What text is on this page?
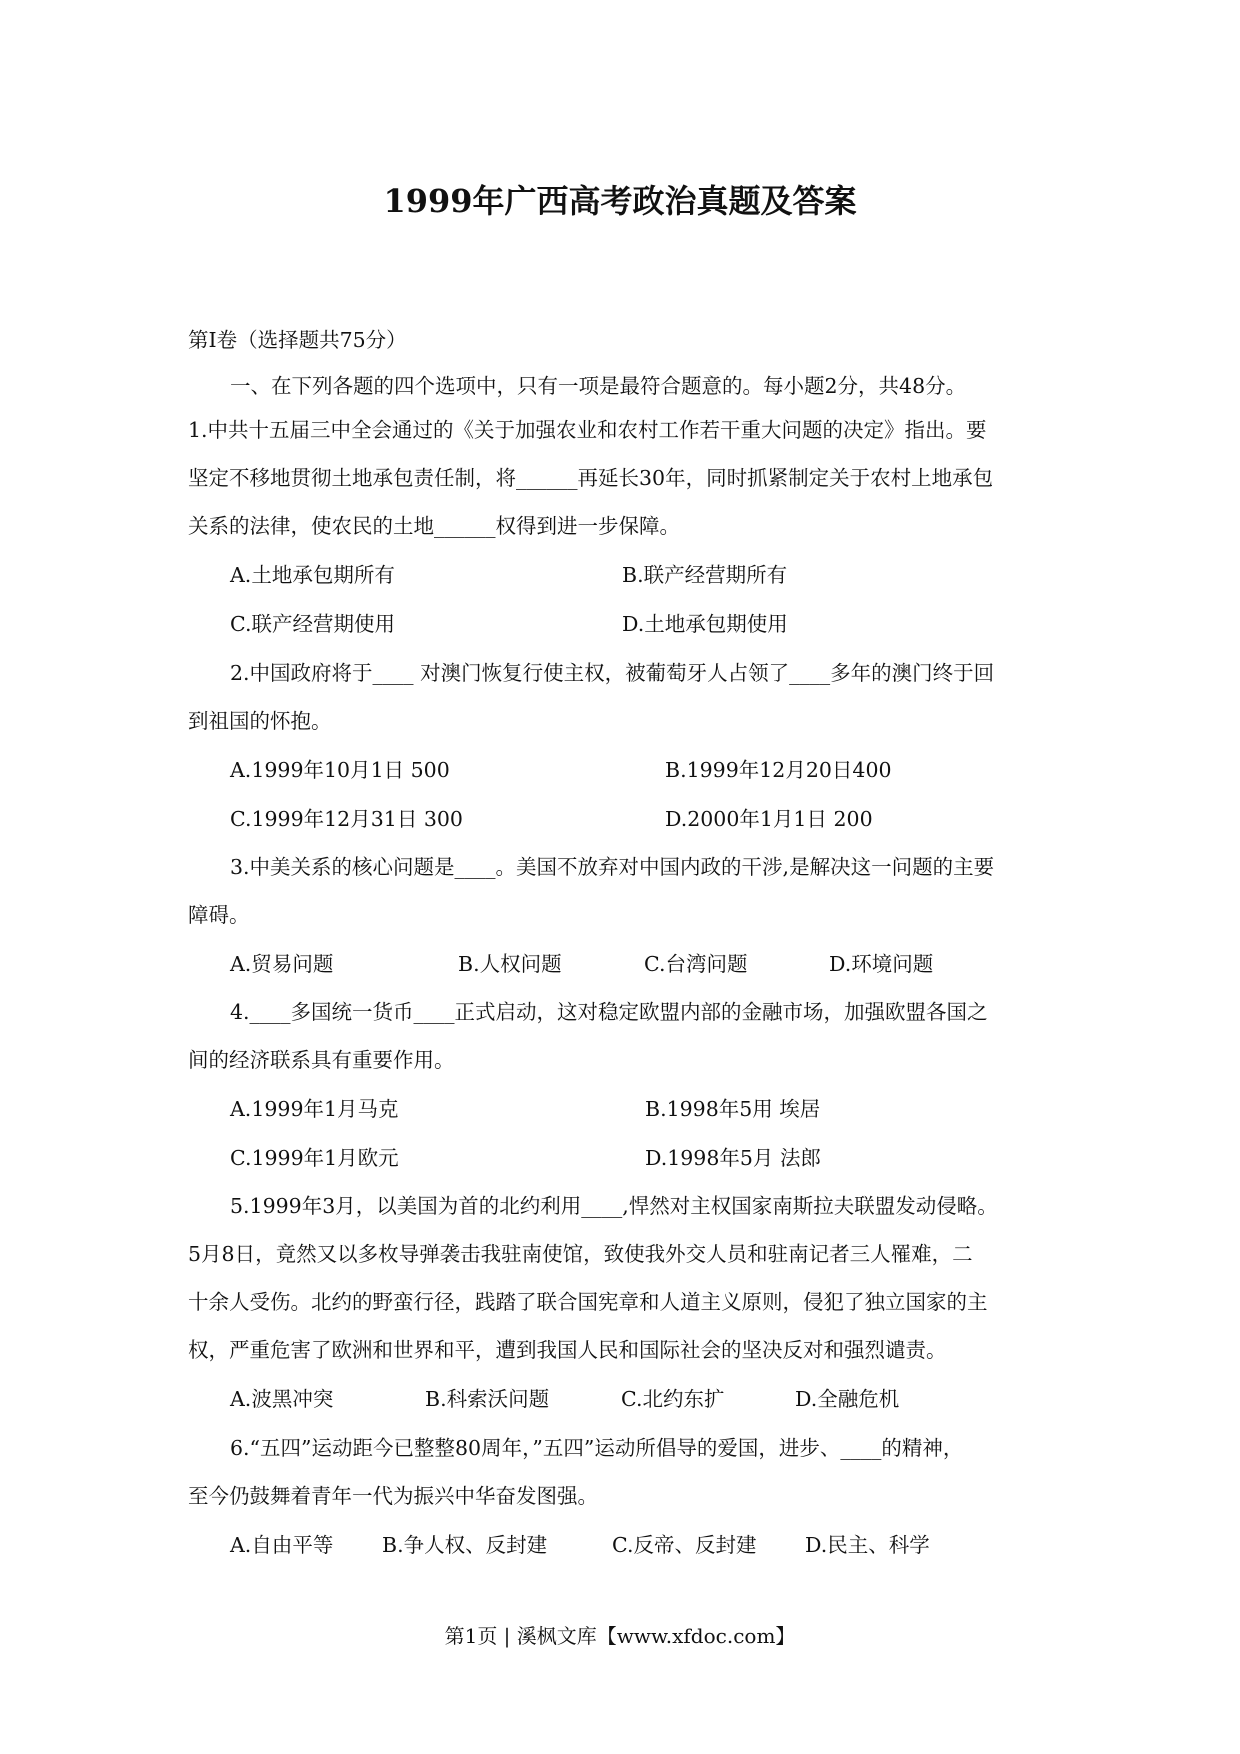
1999年广西高考政治真题及答案
第Ⅰ卷（选择题共75分）
一、在下列各题的四个选项中，只有一项是最符合题意的。每小题2分，共48分。
1.中共十五届三中全会通过的《关于加强农业和农村工作若干重大问题的决定》指出。要
坚定不移地贯彻土地承包责任制，将______再延长30年，同时抓紧制定关于农村上地承包
关系的法律，使农民的土地______权得到进一步保障。
A.土地承包期所有	B.联产经营期所有
C.联产经营期使用	D.土地承包期使用
2.中国政府将于____ 对澳门恢复行使主权，被葡萄牙人占领了____多年的澳门终于回
到祖国的怀抱。
A.1999年10月1日 500	B.1999年12月20日400
C.1999年12月31日 300	D.2000年1月1日 200
3.中美关系的核心问题是____。美国不放弃对中国内政的干涉,是解决这一问题的主要
障碍。
A.贸易问题	B.人权问题	C.台湾问题	D.环境问题
4.____多国统一货币____正式启动，这对稳定欧盟内部的金融市场，加强欧盟各国之
间的经济联系具有重要作用。
A.1999年1月马克	B.1998年5用 埃居
C.1999年1月欧元	D.1998年5月 法郎
5.1999年3月，以美国为首的北约利用____,悍然对主权国家南斯拉夫联盟发动侵略。
5月8日，竟然又以多枚导弹袭击我驻南使馆，致使我外交人员和驻南记者三人罹难，二
十余人受伤。北约的野蛮行径，践踏了联合国宪章和人道主义原则，侵犯了独立国家的主
权，严重危害了欧洲和世界和平，遭到我国人民和国际社会的坚决反对和强烈谴责。
A.波黑冲突	B.科索沃问题	C.北约东扩	D.全融危机
6.“五四”运动距今已整整80周年，”五四”运动所倡导的爱国，进步、____的精神，
至今仍鼓舞着青年一代为振兴中华奋发图强。
A.自由平等 B.争人权、反封建	C.反帝、反封建 D.民主、科学
第1页 | 溪枫文库【www.xfdoc.com】
